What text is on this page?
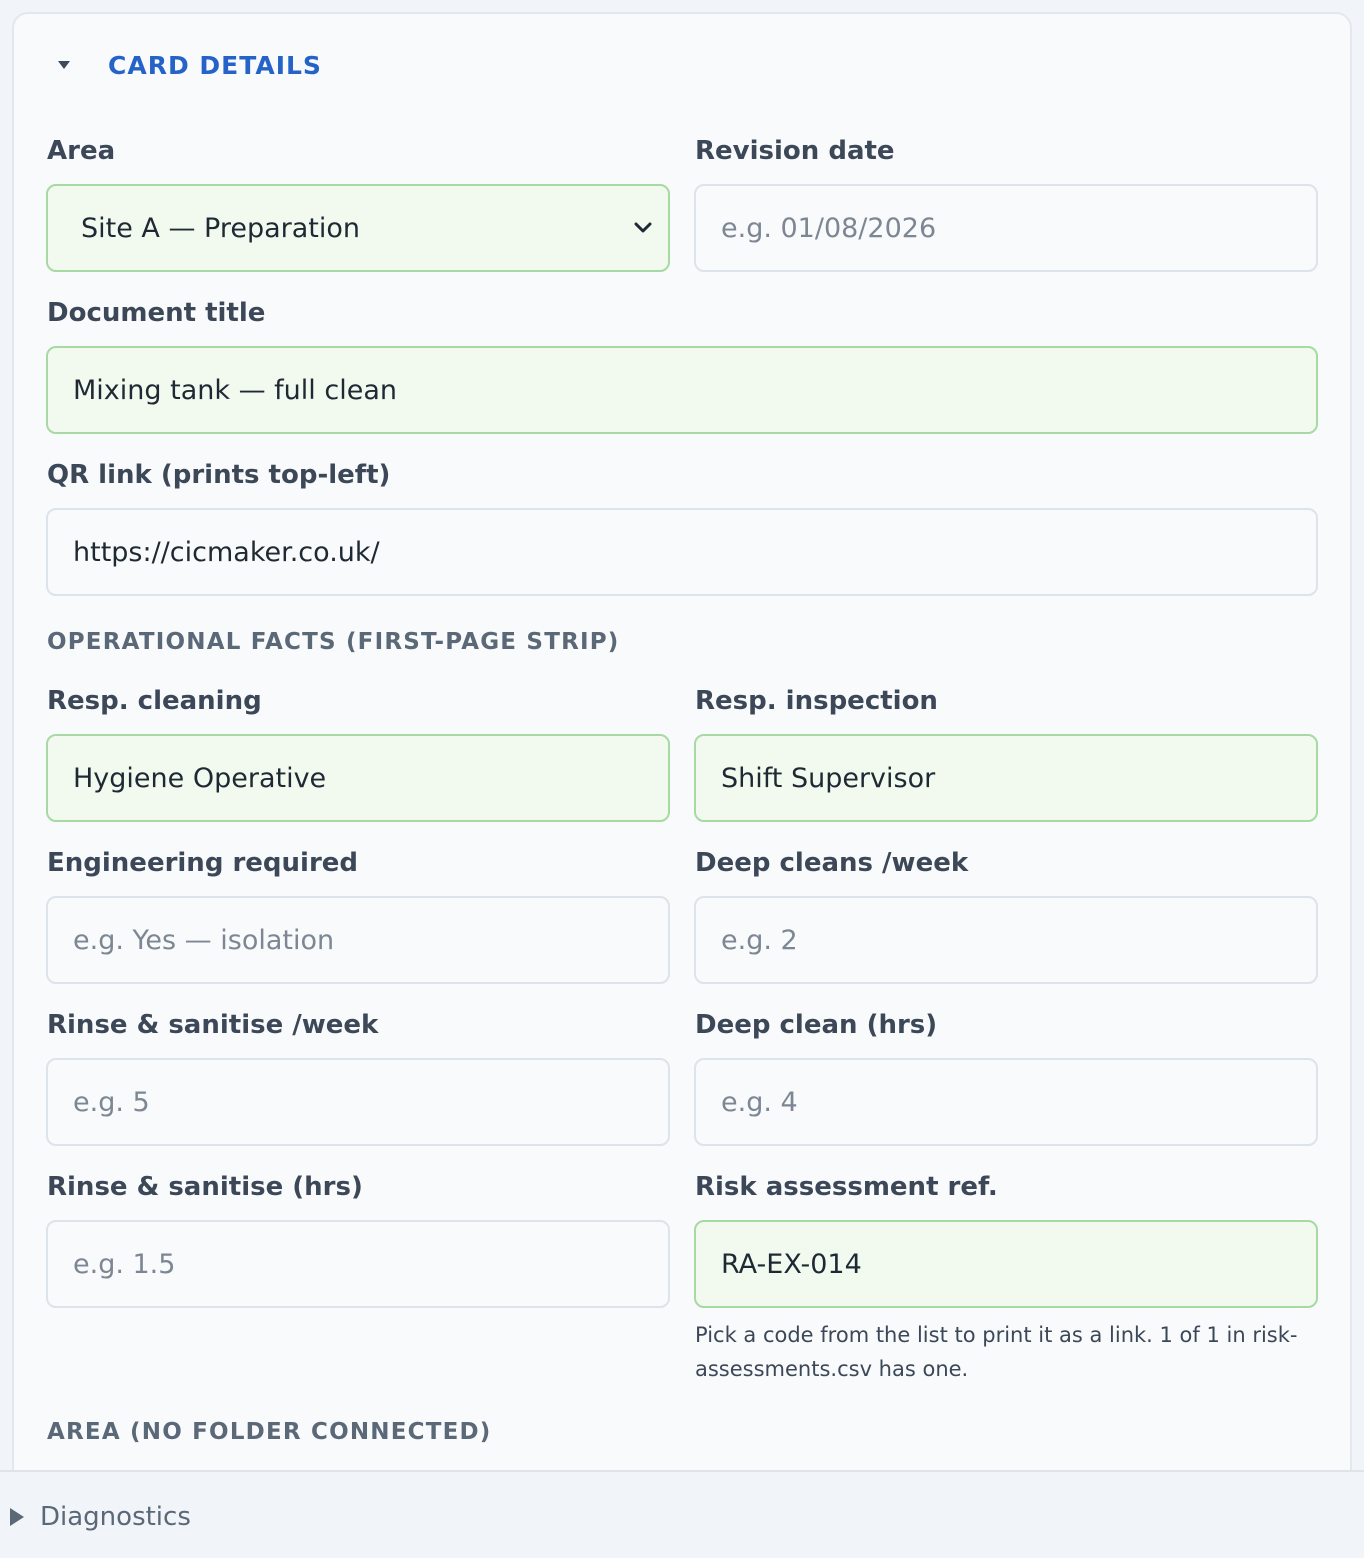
CARD DETAILS
Area
Site A — Preparation
Revision date
e.g. 01/08/2026
Document title
Mixing tank — full clean
QR link (prints top-left)
https://cicmaker.co.uk/
OPERATIONAL FACTS (FIRST-PAGE STRIP)
Resp. cleaning
Hygiene Operative
Resp. inspection
Shift Supervisor
Engineering required
e.g. Yes — isolation
Deep cleans /week
e.g. 2
Rinse & sanitise /week
e.g. 5
Deep clean (hrs)
e.g. 4
Rinse & sanitise (hrs)
e.g. 1.5
Risk assessment ref.
RA-EX-014
Pick a code from the list to print it as a link. 1 of 1 in risk-assessments.csv has one.
AREA (NO FOLDER CONNECTED)
Diagnostics
